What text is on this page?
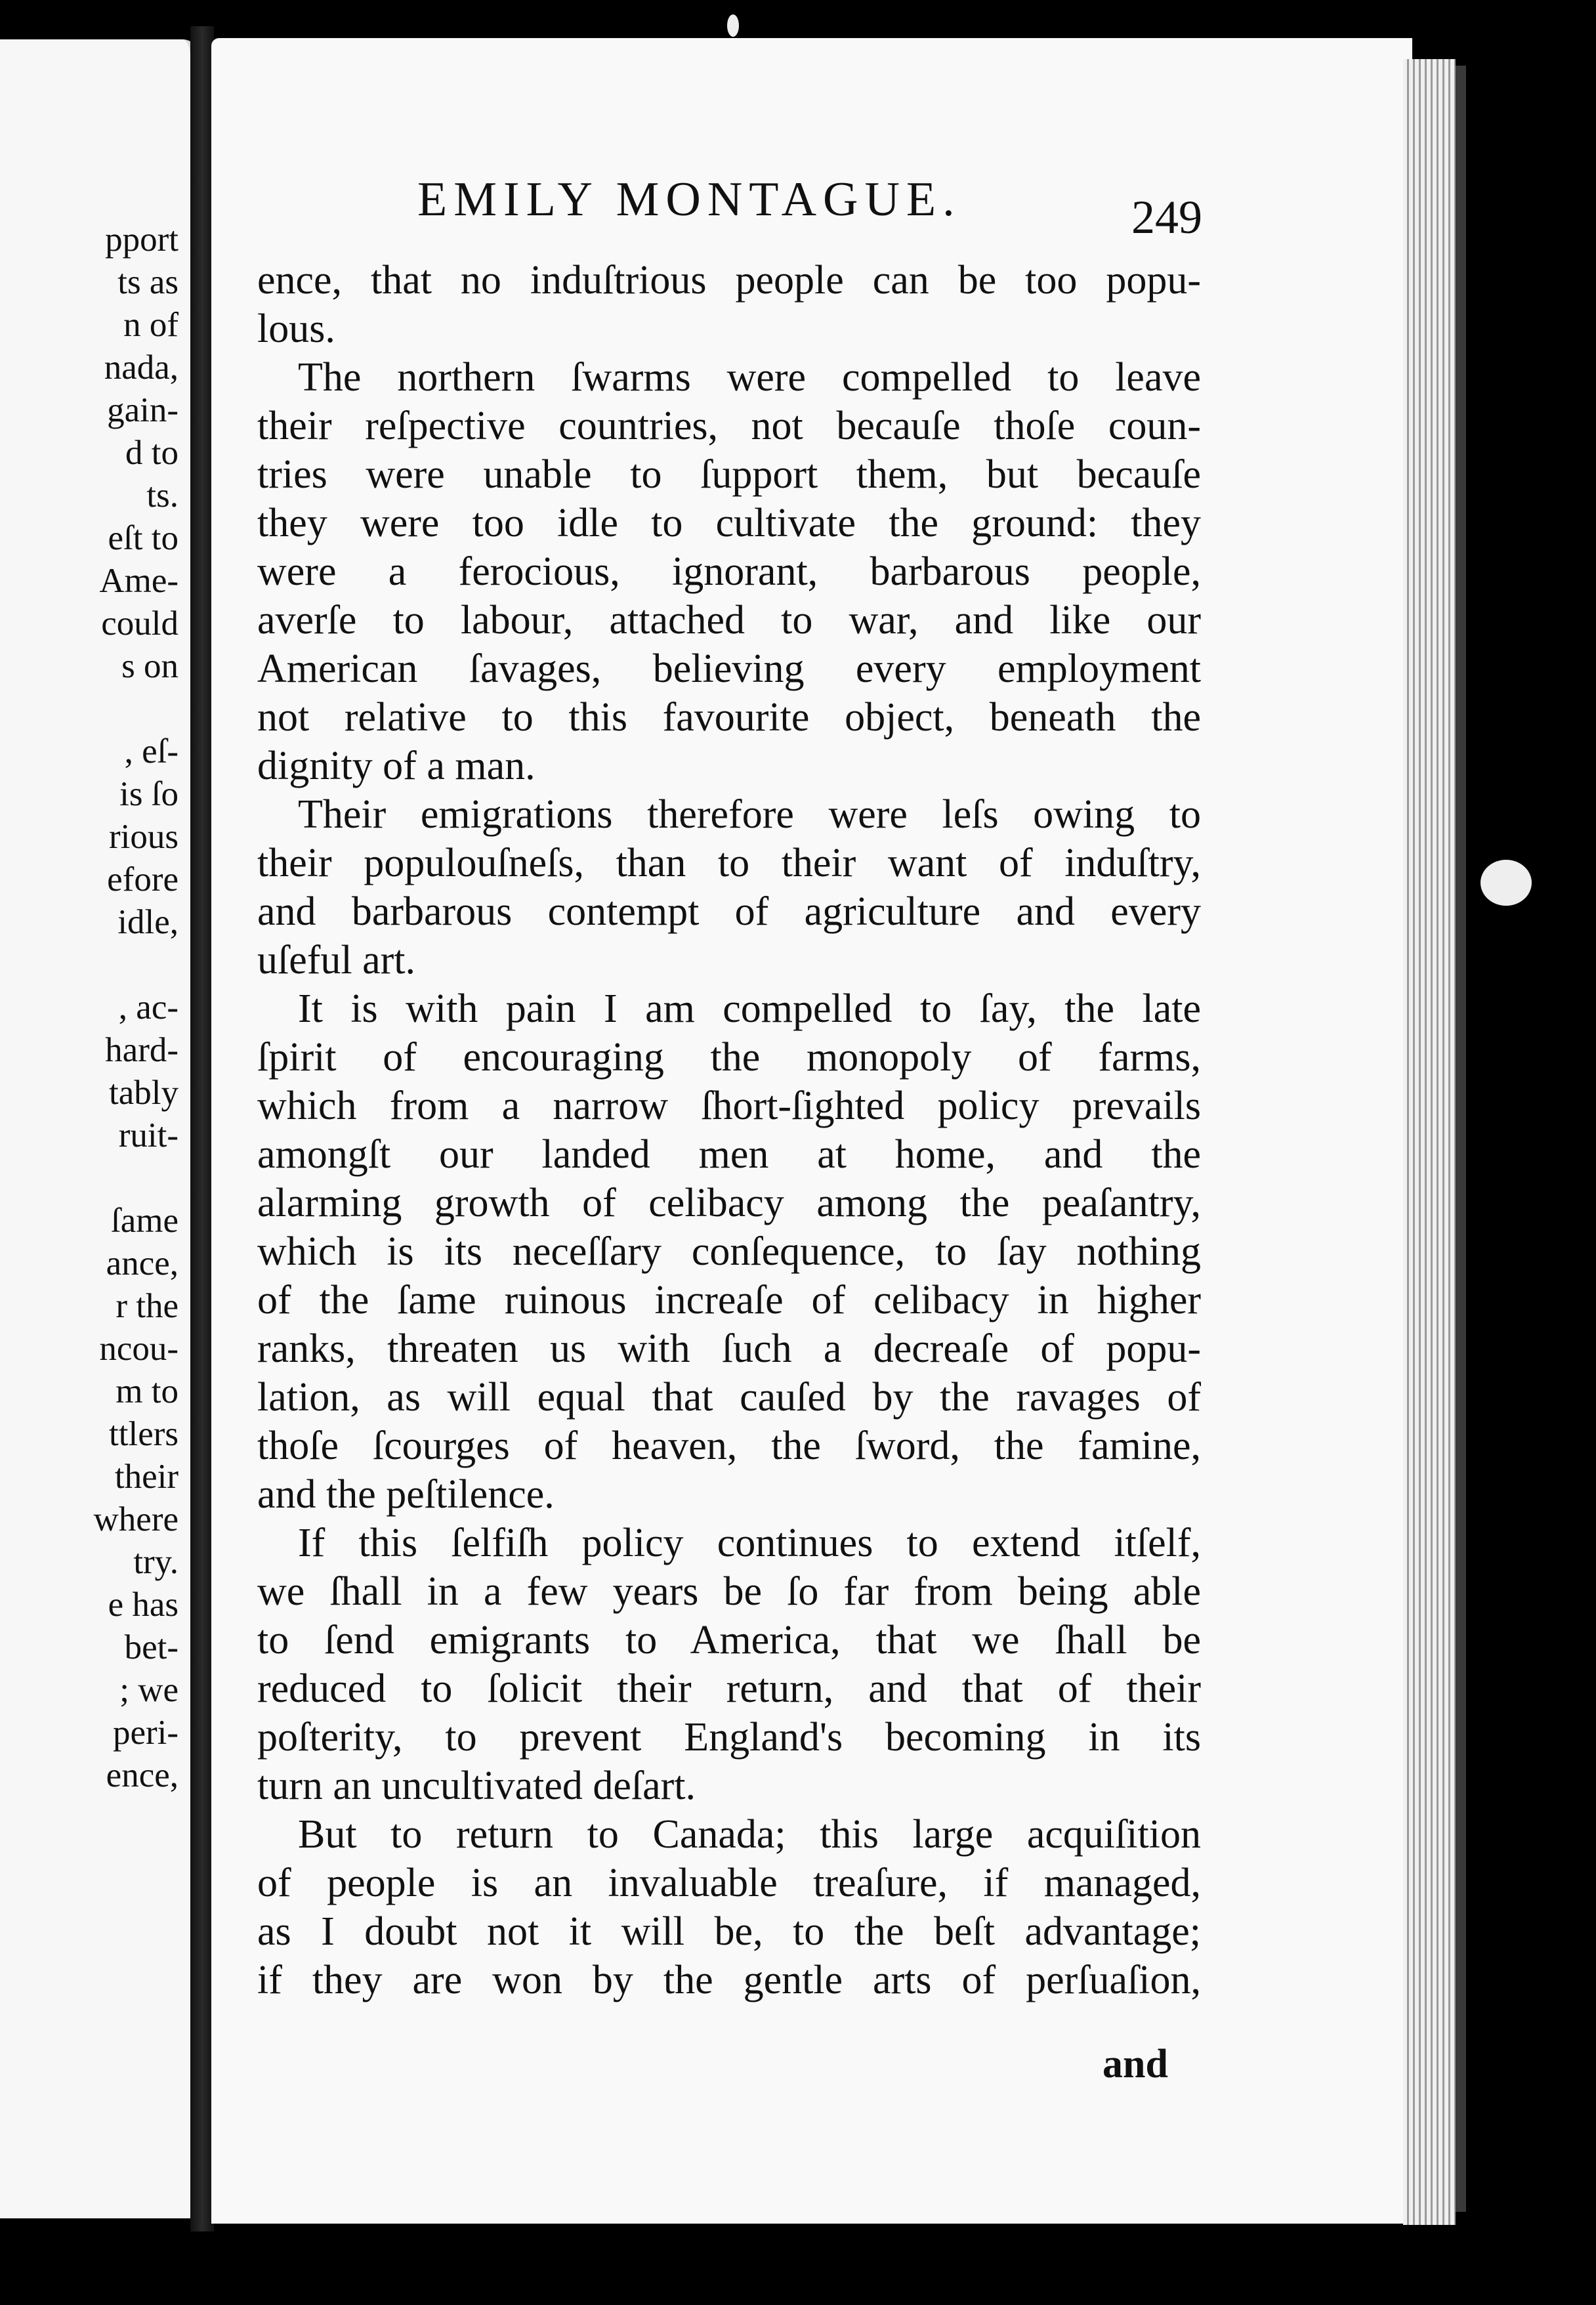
pport
ts as
n of
nada,
gain-
d to
ts.
eſt to
Ame-
could
s on
, eſ-
is ſo
rious
efore
idle,
, ac-
hard-
tably
ruit-
ſame
ance,
r the
ncou-
m to
ttlers
their
where
try.
e has
bet-
; we
peri-
ence,
EMILY MONTAGUE.	249
ence, that no induſtrious people can be too popu-
lous.
The northern ſwarms were compelled to leave
their reſpective countries, not becauſe thoſe coun-
tries were unable to ſupport them, but becauſe
they were too idle to cultivate the ground: they
were a ferocious, ignorant, barbarous people,
averſe to labour, attached to war, and like our
American ſavages, believing every employment
not relative to this favourite object, beneath the
dignity of a man.
Their emigrations therefore were leſs owing to
their populouſneſs, than to their want of induſtry,
and barbarous contempt of agriculture and every
uſeful art.
It is with pain I am compelled to ſay, the late
ſpirit of encouraging the monopoly of farms,
which from a narrow ſhort-ſighted policy prevails
amongſt our landed men at home, and the
alarming growth of celibacy among the peaſantry,
which is its neceſſary conſequence, to ſay nothing
of the ſame ruinous increaſe of celibacy in higher
ranks, threaten us with ſuch a decreaſe of popu-
lation, as will equal that cauſed by the ravages of
thoſe ſcourges of heaven, the ſword, the famine,
and the peſtilence.
If this ſelfiſh policy continues to extend itſelf,
we ſhall in a few years be ſo far from being able
to ſend emigrants to America, that we ſhall be
reduced to ſolicit their return, and that of their
poſterity, to prevent England's becoming in its
turn an uncultivated deſart.
But to return to Canada; this large acquiſition
of people is an invaluable treaſure, if managed,
as I doubt not it will be, to the beſt advantage;
if they are won by the gentle arts of perſuaſion,
and
